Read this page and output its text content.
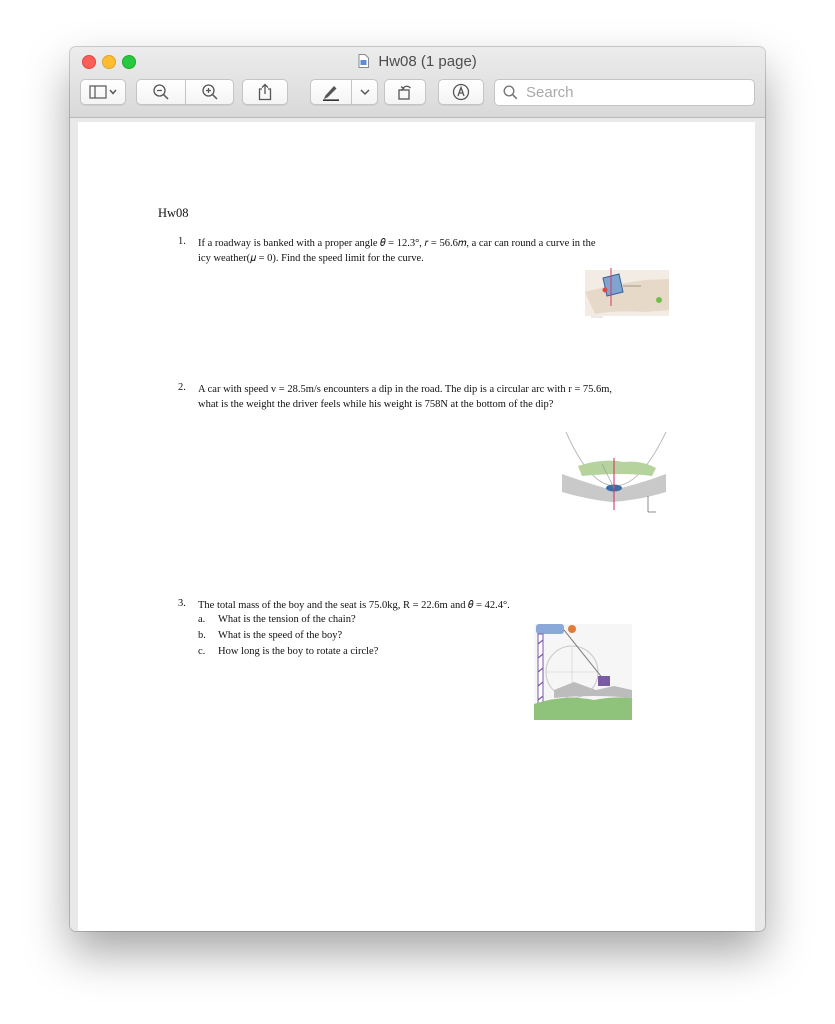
Hw08 (1 page)
Search
Hw08
1. If a roadway is banked with a proper angle 𝜃 = 12.3°, 𝑟 = 56.6𝑚, a car can round a curve in the
icy weather(𝜇 = 0). Find the speed limit for the curve.
2. A car with speed v = 28.5m/s encounters a dip in the road. The dip is a circular arc with r = 75.6m,
what is the weight the driver feels while his weight is 758N at the bottom of the dip?
3. The total mass of the boy and the seat is 75.0kg, R = 22.6m and 𝜃 = 42.4°.
a. What is the tension of the chain?
b. What is the speed of the boy?
c. How long is the boy to rotate a circle?
